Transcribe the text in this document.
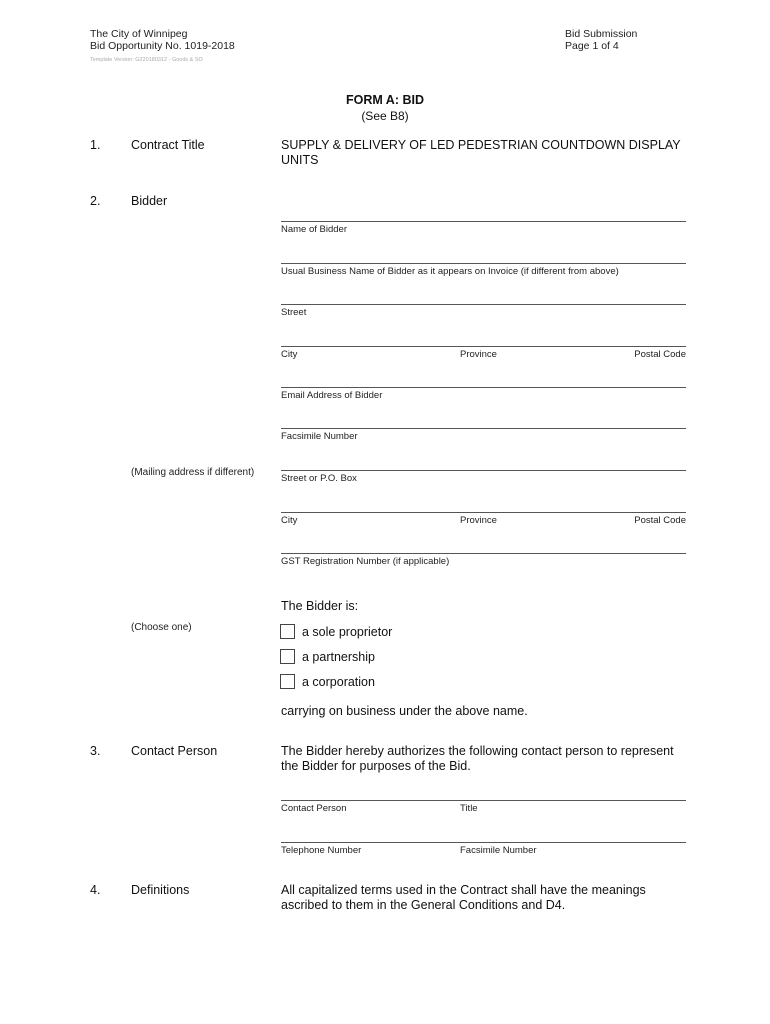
The City of Winnipeg
Bid Opportunity No. 1019-2018
Template Version: G220180312 - Goods & SO
Bid Submission
Page 1 of 4
FORM A: BID
(See B8)
1. Contract Title	SUPPLY & DELIVERY OF LED PEDESTRIAN COUNTDOWN DISPLAY
UNITS
2. Bidder
Name of Bidder
Usual Business Name of Bidder as it appears on Invoice (if different from above)
Street
City	Province	Postal Code
Email Address of Bidder
Facsimile Number
(Mailing address if different)
Street or P.O. Box
City	Province	Postal Code
GST Registration Number (if applicable)
The Bidder is:
(Choose one)	a sole proprietor
a partnership
a corporation
carrying on business under the above name.
3. Contact Person	The Bidder hereby authorizes the following contact person to represent
the Bidder for purposes of the Bid.
Contact Person	Title
Telephone Number	Facsimile Number
4. Definitions	All capitalized terms used in the Contract shall have the meanings
ascribed to them in the General Conditions and D4.
